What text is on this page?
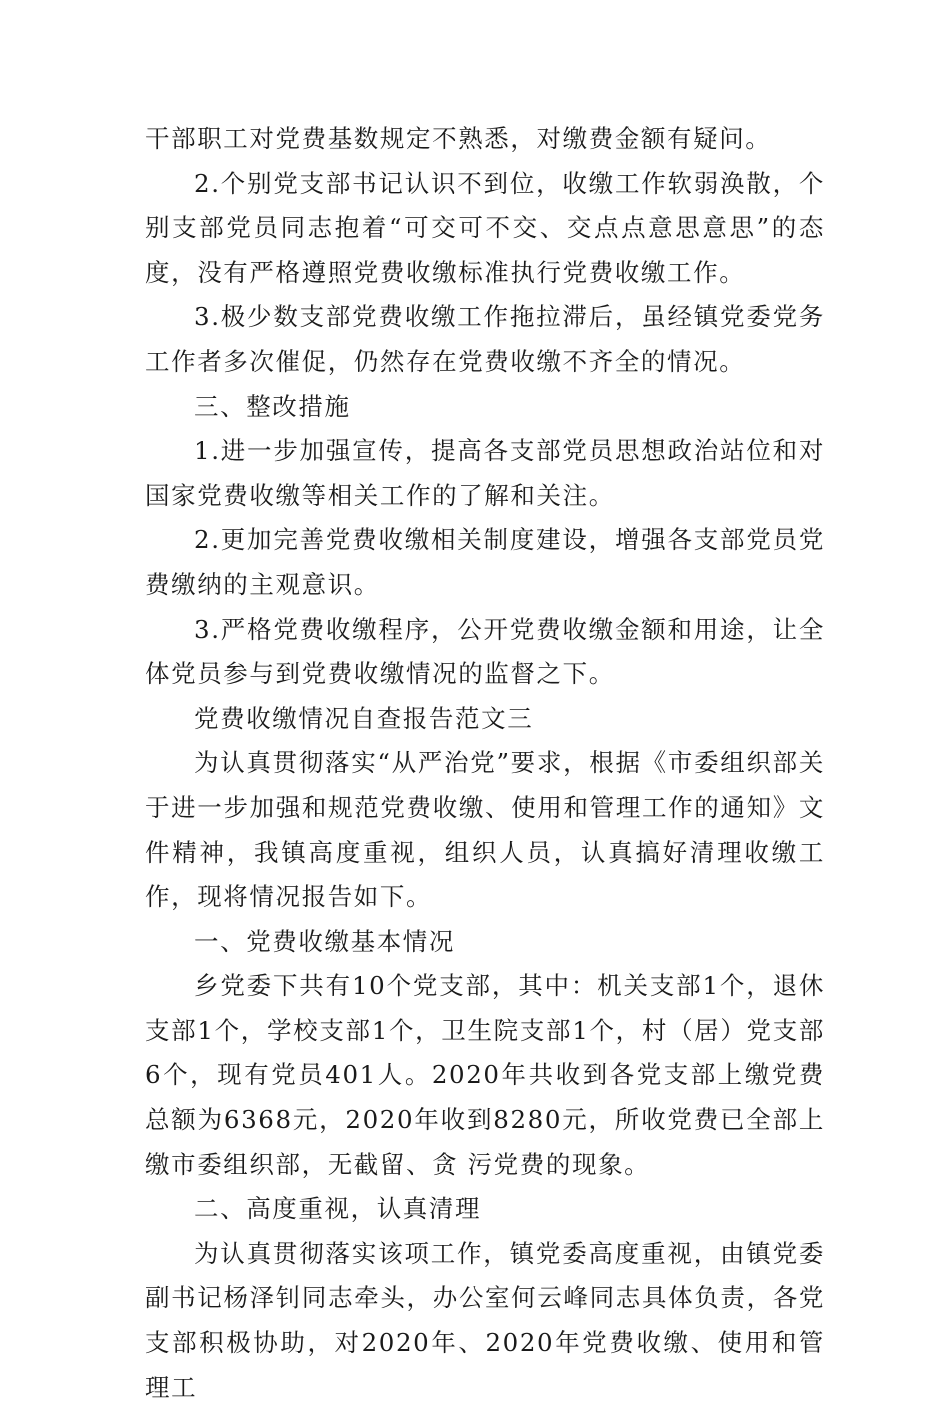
干部职工对党费基数规定不熟悉，对缴费金额有疑问。

2.个别党支部书记认识不到位，收缴工作软弱涣散，个别支部党员同志抱着“可交可不交、交点点意思意思”的态度，没有严格遵照党费收缴标准执行党费收缴工作。

3.极少数支部党费收缴工作拖拉滞后，虽经镇党委党务工作者多次催促，仍然存在党费收缴不齐全的情况。

三、整改措施

1.进一步加强宣传，提高各支部党员思想政治站位和对国家党费收缴等相关工作的了解和关注。

2.更加完善党费收缴相关制度建设，增强各支部党员党费缴纳的主观意识。

3.严格党费收缴程序，公开党费收缴金额和用途，让全体党员参与到党费收缴情况的监督之下。

党费收缴情况自查报告范文三

为认真贯彻落实“从严治党”要求，根据《市委组织部关于进一步加强和规范党费收缴、使用和管理工作的通知》文件精神，我镇高度重视，组织人员，认真搞好清理收缴工作，现将情况报告如下。

一、党费收缴基本情况

乡党委下共有10个党支部，其中：机关支部1个，退休支部1个，学校支部1个，卫生院支部1个，村（居）党支部6个，现有党员401人。2020年共收到各党支部上缴党费总额为6368元，2020年收到8280元，所收党费已全部上缴市委组织部，无截留、贪 污党费的现象。

二、高度重视，认真清理

为认真贯彻落实该项工作，镇党委高度重视，由镇党委副书记杨泽钊同志牵头，办公室何云峰同志具体负责，各党支部积极协助，对2020年、2020年党费收缴、使用和管理工
